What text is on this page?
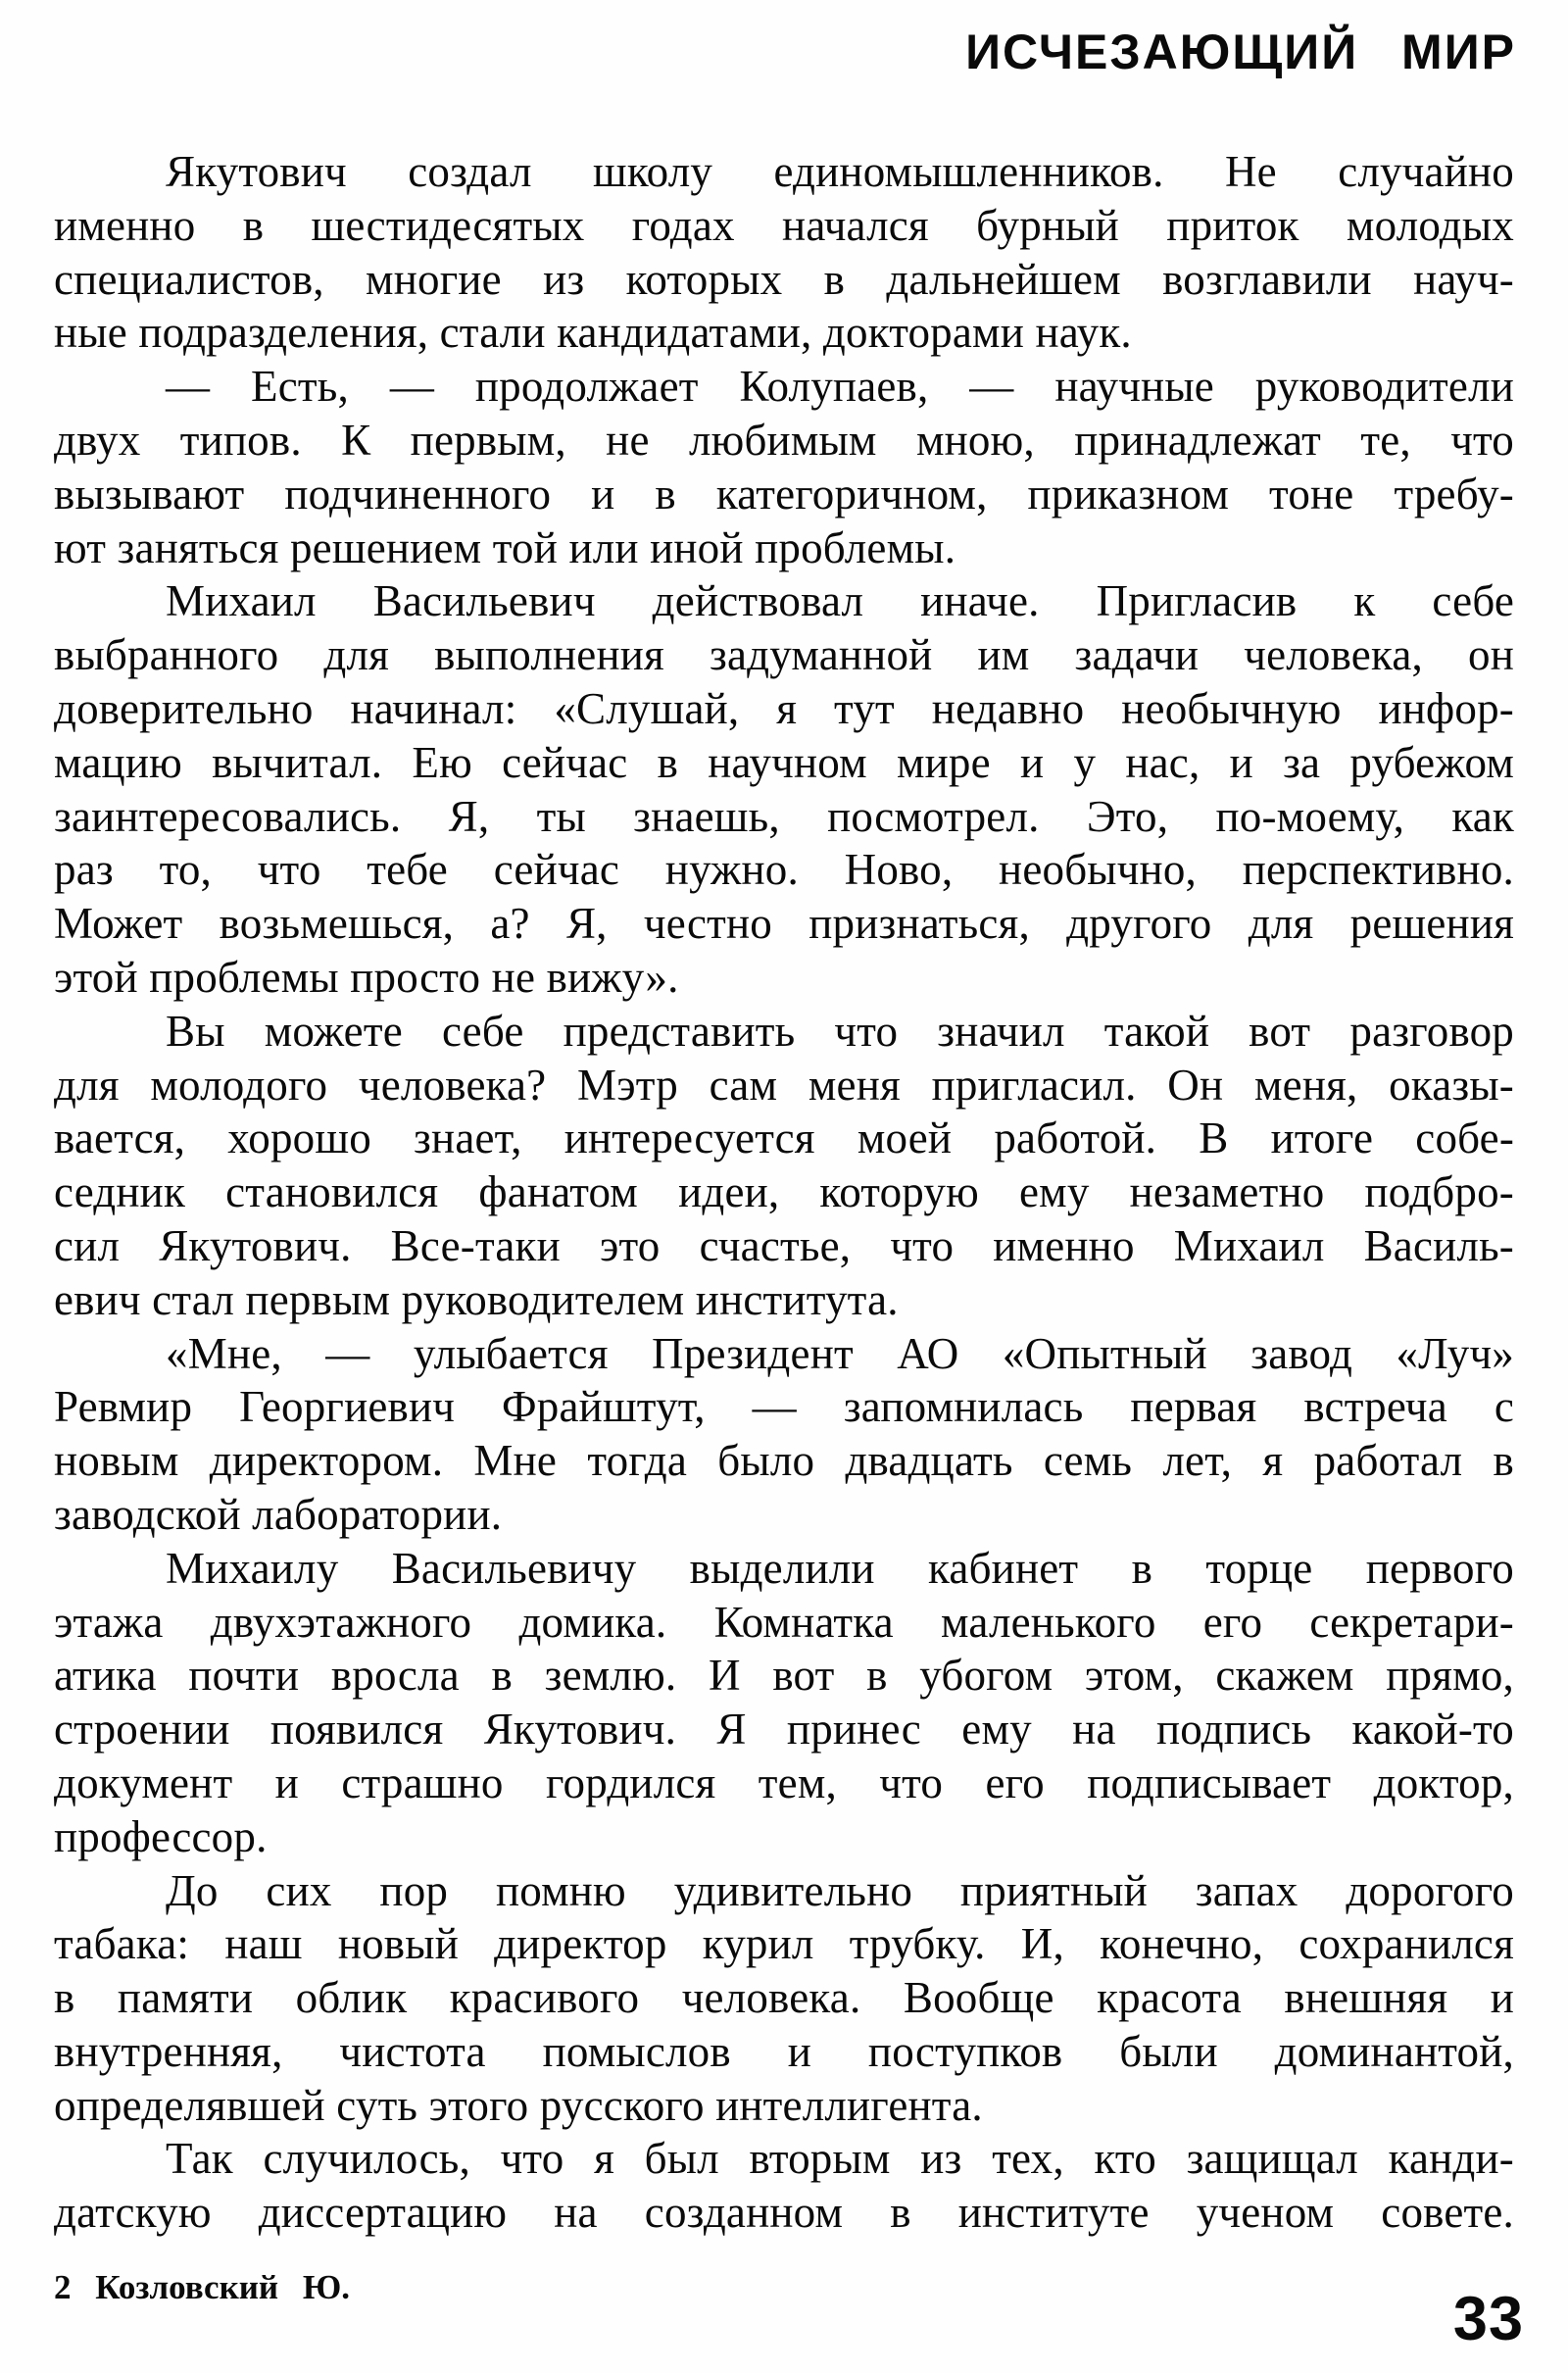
ИСЧЕЗАЮЩИЙ МИР
Якутович создал школу единомышленников. Не случайно
именно в шестидесятых годах начался бурный приток молодых
специалистов, многие из которых в дальнейшем возглавили науч-
ные подразделения, стали кандидатами, докторами наук.
— Есть, — продолжает Колупаев, — научные руководители
двух типов. К первым, не любимым мною, принадлежат те, что
вызывают подчиненного и в категоричном, приказном тоне требу-
ют заняться решением той или иной проблемы.
Михаил Васильевич действовал иначе. Пригласив к себе
выбранного для выполнения задуманной им задачи человека, он
доверительно начинал: «Слушай, я тут недавно необычную инфор-
мацию вычитал. Ею сейчас в научном мире и у нас, и за рубежом
заинтересовались. Я, ты знаешь, посмотрел. Это, по-моему, как
раз то, что тебе сейчас нужно. Ново, необычно, перспективно.
Может возьмешься, а? Я, честно признаться, другого для решения
этой проблемы просто не вижу».
Вы можете себе представить что значил такой вот разговор
для молодого человека? Мэтр сам меня пригласил. Он меня, оказы-
вается, хорошо знает, интересуется моей работой. В итоге собе-
седник становился фанатом идеи, которую ему незаметно подбро-
сил Якутович. Все-таки это счастье, что именно Михаил Василь-
евич стал первым руководителем института.
«Мне, — улыбается Президент АО «Опытный завод «Луч»
Ревмир Георгиевич Фрайштут, — запомнилась первая встреча с
новым директором. Мне тогда было двадцать семь лет, я работал в
заводской лаборатории.
Михаилу Васильевичу выделили кабинет в торце первого
этажа двухэтажного домика. Комнатка маленького его секретари-
атика почти вросла в землю. И вот в убогом этом, скажем прямо,
строении появился Якутович. Я принес ему на подпись какой-то
документ и страшно гордился тем, что его подписывает доктор,
профессор.
До сих пор помню удивительно приятный запах дорогого
табака: наш новый директор курил трубку. И, конечно, сохранился
в памяти облик красивого человека. Вообще красота внешняя и
внутренняя, чистота помыслов и поступков были доминантой,
определявшей суть этого русского интеллигента.
Так случилось, что я был вторым из тех, кто защищал канди-
датскую диссертацию на созданном в институте ученом совете.
2 Козловский Ю.	33
